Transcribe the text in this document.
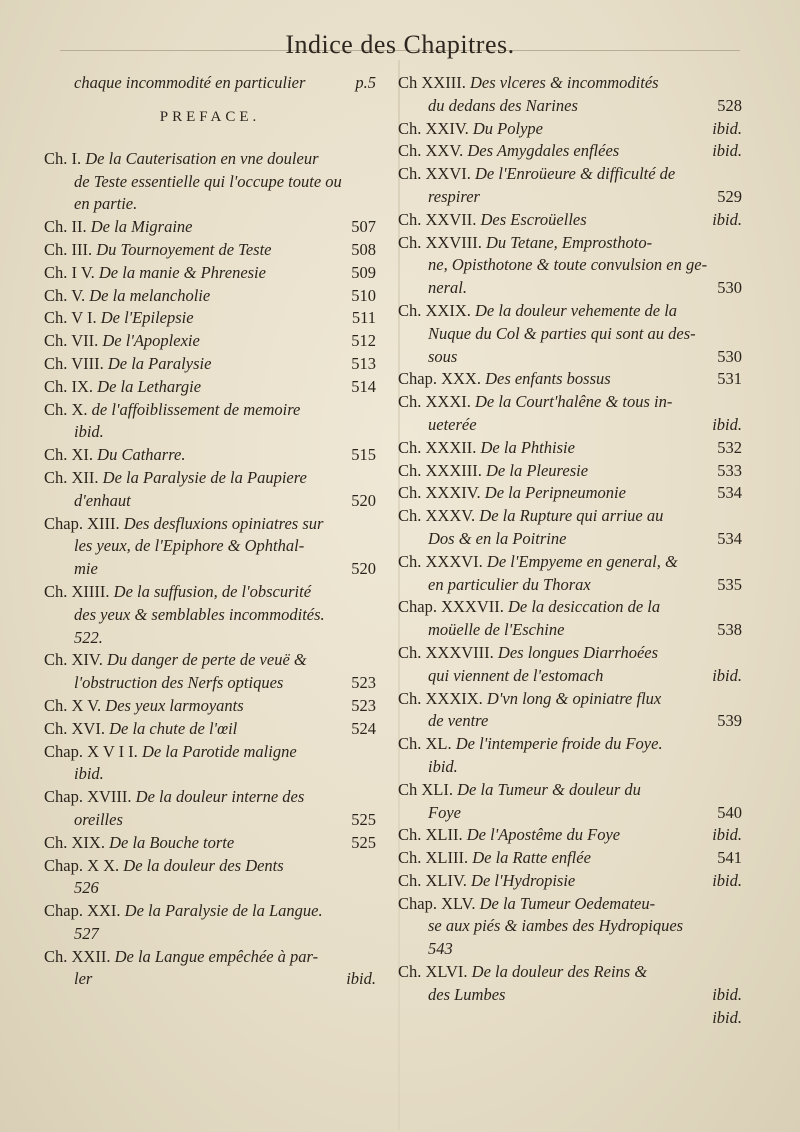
Indice des Chapitres.
chaque incommodité en particulier	p.5
PREFACE.
Ch. I. De la Cauterisation en vne douleur
de Teste essentielle qui l'occupe toute ou
en partie.
Ch. II. De la Migraine	507
Ch. III. Du Tournoyement de Teste	508
Ch. I V. De la manie & Phrenesie	509
Ch. V. De la melancholie	510
Ch. V I. De l'Epilepsie	511
Ch. VII. De l'Apoplexie	512
Ch. VIII. De la Paralysie	513
Ch. IX. De la Lethargie	514
Ch. X. de l'affoiblissement de memoire
ibid.
Ch. XI. Du Catharre.	515
Ch. XII. De la Paralysie de la Paupiere
d'enhaut	520
Chap. XIII. Des desfluxions opiniatres sur
les yeux, de l'Epiphore & Ophthal-
mie	520
Ch. XIIII. De la suffusion, de l'obscurité
des yeux & semblables incommodités.
522.
Ch. XIV. Du danger de perte de veuë &
l'obstruction des Nerfs optiques	523
Ch. X V. Des yeux larmoyants	523
Ch. XVI. De la chute de l'œil	524
Chap. X V I I. De la Parotide maligne
ibid.
Chap. XVIII. De la douleur interne des
oreilles	525
Ch. XIX. De la Bouche torte	525
Chap. X X. De la douleur des Dents
526
Chap. XXI. De la Paralysie de la Langue.
527
Ch. XXII. De la Langue empêchée à par-
ler	ibid.
Ch XXIII. Des vlceres & incommodités
du dedans des Narines	528
Ch. XXIV. Du Polype	ibid.
Ch. XXV. Des Amygdales enflées	ibid.
Ch. XXVI. De l'Enroüeure & difficulté de
respirer	529
Ch. XXVII. Des Escroüelles	ibid.
Ch. XXVIII. Du Tetane, Emprosthoto-
ne, Opisthotone & toute convulsion en ge-
neral.	530
Ch. XXIX. De la douleur vehemente de la
Nuque du Col & parties qui sont au des-
sous	530
Chap. XXX. Des enfants bossus	531
Ch. XXXI. De la Court'halêne & tous in-
ueterée	ibid.
Ch. XXXII. De la Phthisie	532
Ch. XXXIII. De la Pleuresie	533
Ch. XXXIV. De la Peripneumonie	534
Ch. XXXV. De la Rupture qui arriue au
Dos & en la Poitrine	534
Ch. XXXVI. De l'Empyeme en general, &
en particulier du Thorax	535
Chap. XXXVII. De la desiccation de la
moüelle de l'Eschine	538
Ch. XXXVIII. Des longues Diarrhoées
qui viennent de l'estomach	ibid.
Ch. XXXIX. D'vn long & opiniatre flux
de ventre	539
Ch. XL. De l'intemperie froide du Foye.
ibid.
Ch XLI. De la Tumeur & douleur du
Foye	540
Ch. XLII. De l'Apostême du Foye	ibid.
Ch. XLIII. De la Ratte enflée	541
Ch. XLIV. De l'Hydropisie	ibid.
Chap. XLV. De la Tumeur Oedemateu-
se aux piés & iambes des Hydropiques
543
Ch. XLVI. De la douleur des Reins &
des Lumbes	ibid.
ibid.
